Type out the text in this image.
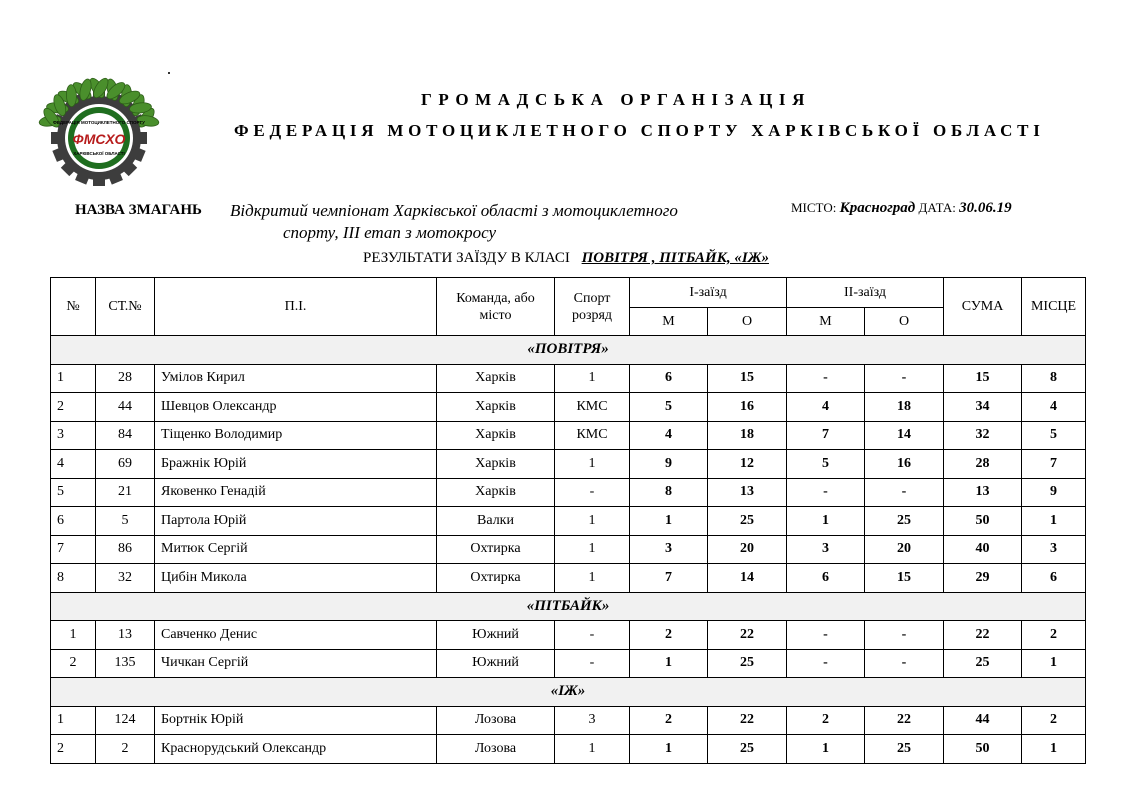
ФЕДЕРАЦІЯ МОТОЦИКЛЕТНОГО СПОРТУ
ФМСХО
ХАРКІВСЬКОЇ ОБЛАСТІ
ГРОМАДСЬКА ОРГАНІЗАЦІЯ
ФЕДЕРАЦІЯ МОТОЦИКЛЕТНОГО СПОРТУ ХАРКІВСЬКОЇ ОБЛАСТІ
НАЗВА ЗМАГАНЬ Відкритий чемпіонат Харківської області з мотоциклетного
спорту, ІІІ етап з мотокросу
МІСТО: Красноград ДАТА: 30.06.19
РЕЗУЛЬТАТИ ЗАЇЗДУ В КЛАСІ ПОВІТРЯ , ПІТБАЙК, «ІЖ»
№	СТ.№	П.І.	Команда, або місто	Спорт розряд	І-заїзд		ІІ-заїзд		СУМА	МІСЦЕ
					М	О	М	О		
«ПОВІТРЯ»										
1	28	Умілов Кирил	Харків	1	6	15	-	-	15	8
2	44	Шевцов Олександр	Харків	КМС	5	16	4	18	34	4
3	84	Тіщенко Володимир	Харків	КМС	4	18	7	14	32	5
4	69	Бражнік Юрій	Харків	1	9	12	5	16	28	7
5	21	Яковенко Генадій	Харків	-	8	13	-	-	13	9
6	5	Партола Юрій	Валки	1	1	25	1	25	50	1
7	86	Митюк Сергій	Охтирка	1	3	20	3	20	40	3
8	32	Цибін Микола	Охтирка	1	7	14	6	15	29	6
«ПІТБАЙК»										
1	13	Савченко Денис	Южний	-	2	22	-	-	22	2
2	135	Чичкан Сергій	Южний	-	1	25	-	-	25	1
«ІЖ»										
1	124	Бортнік Юрій	Лозова	3	2	22	2	22	44	2
2	2	Красноруд​ський Олександр	Лозова	1	1	25	1	25	50	1
